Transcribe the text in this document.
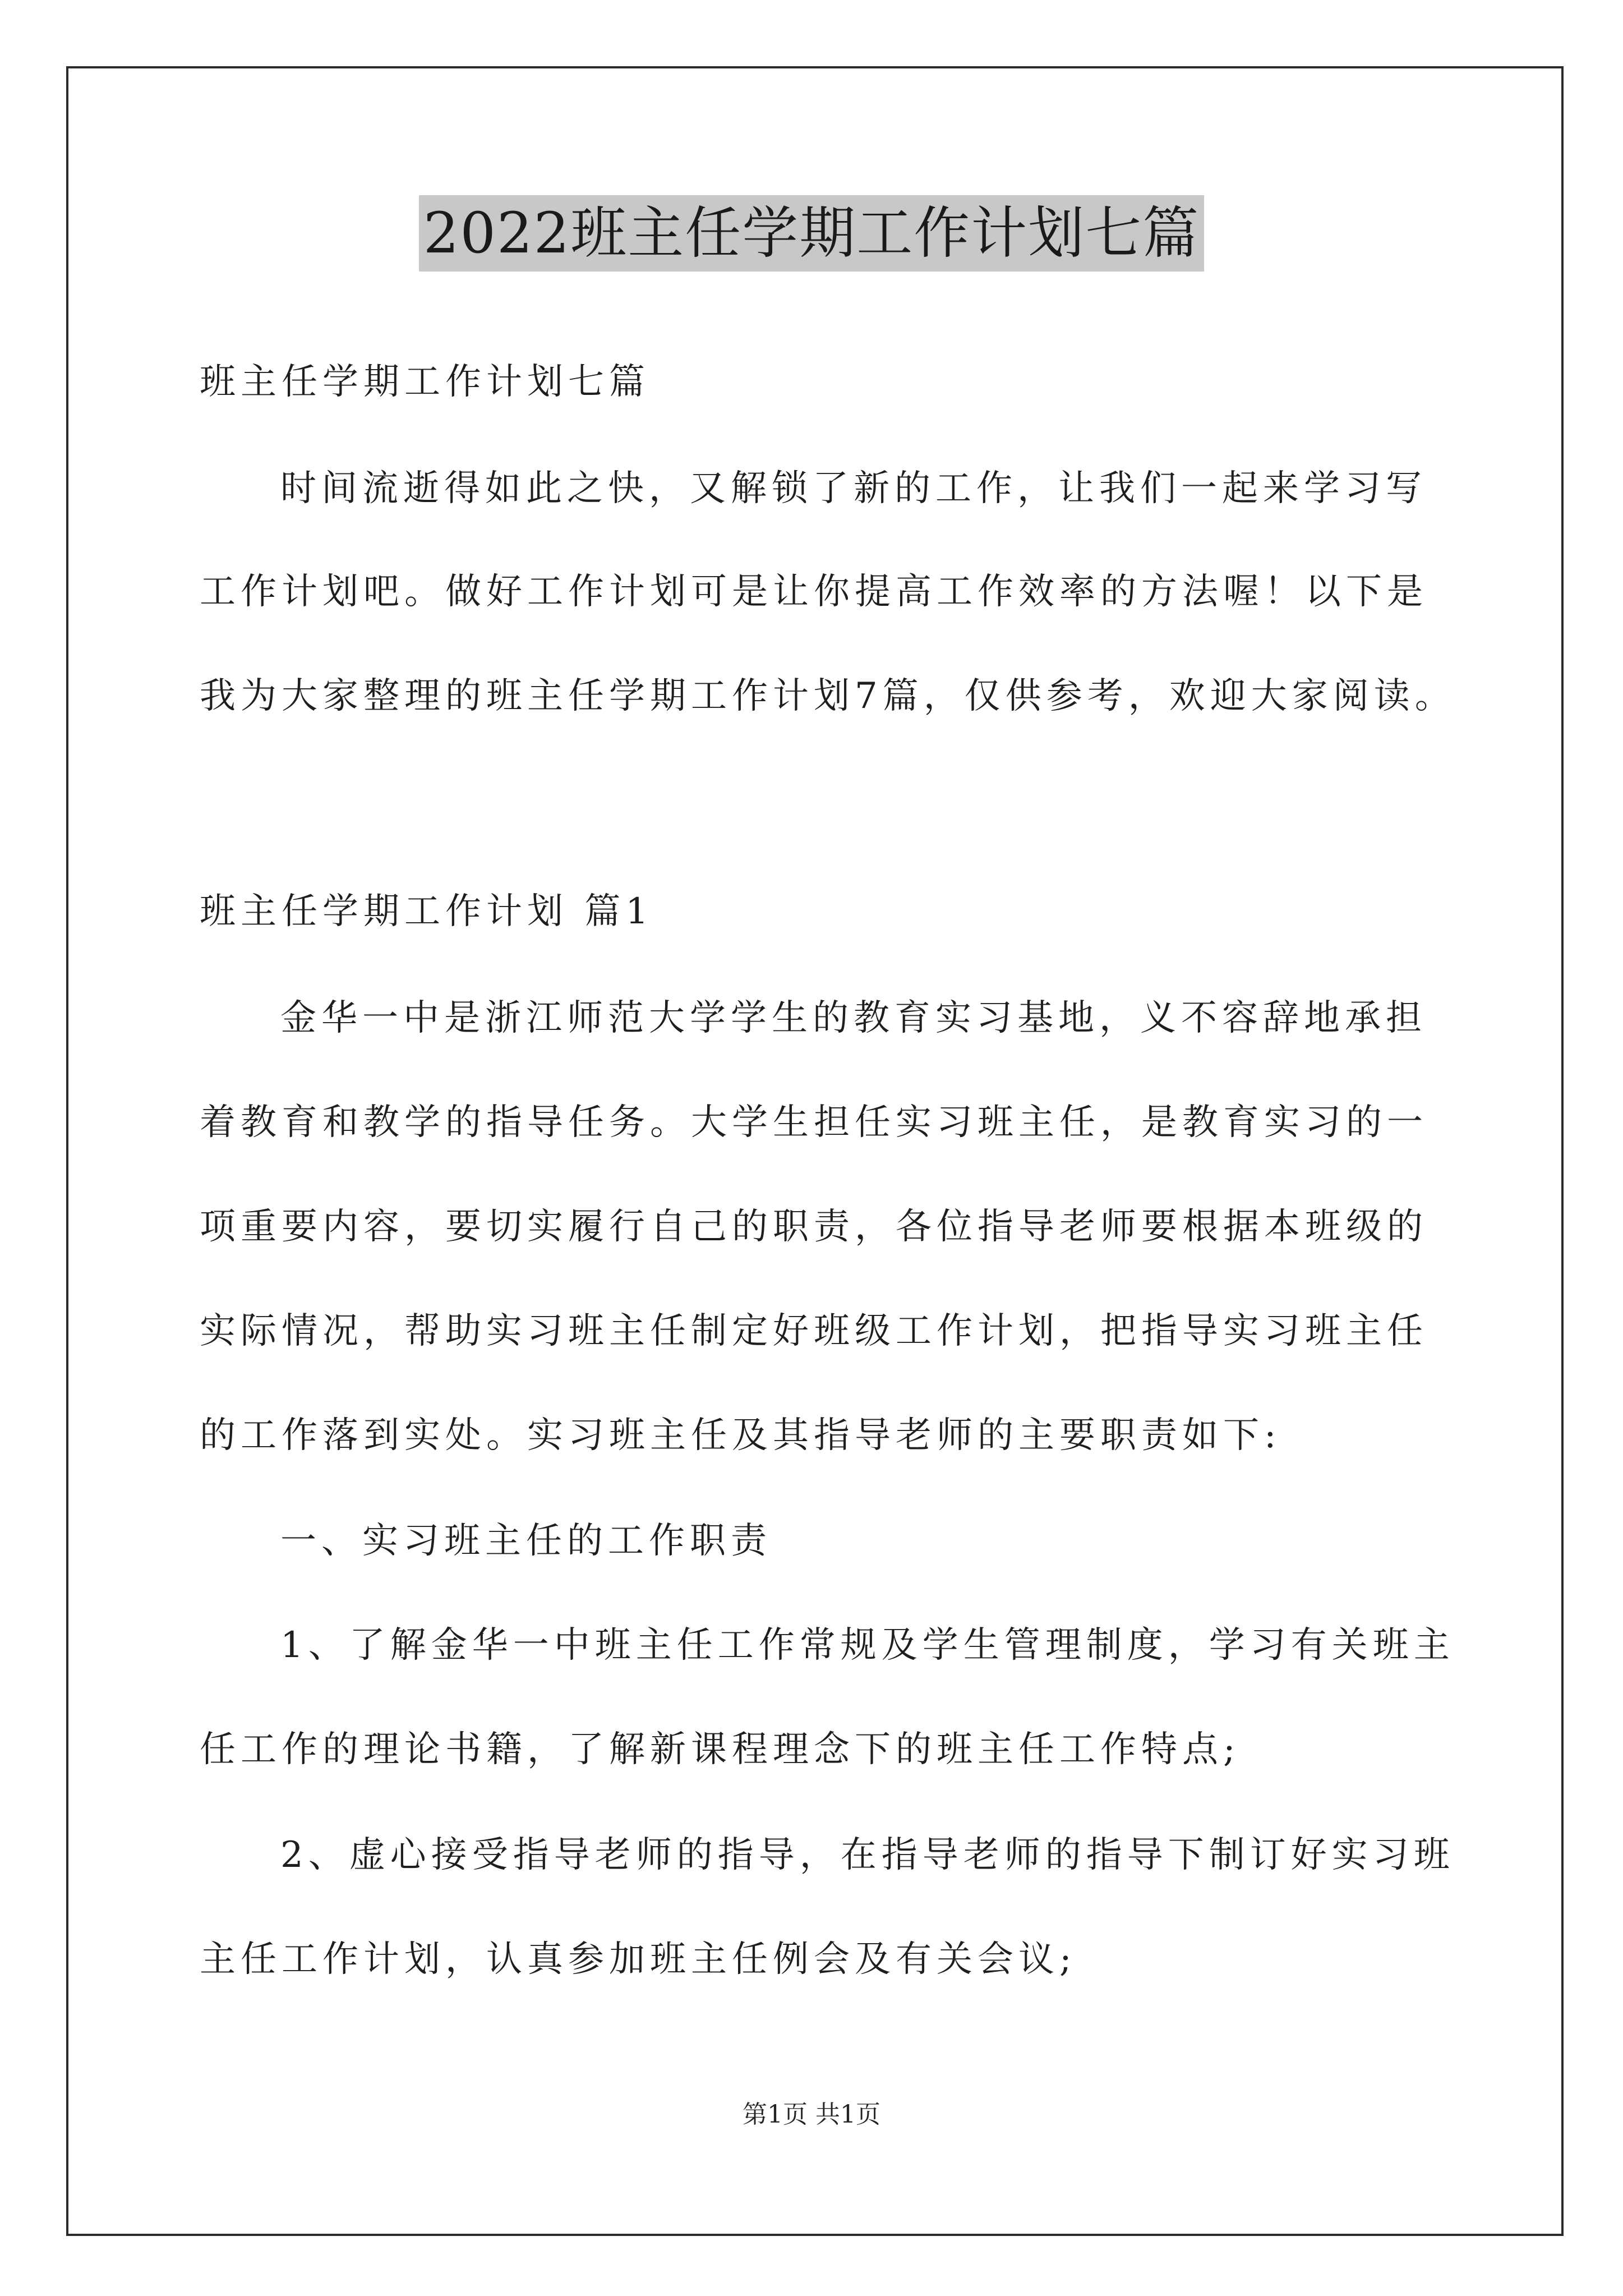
2022班主任学期工作计划七篇
班主任学期工作计划七篇
时间流逝得如此之快，又解锁了新的工作，让我们一起来学习写
工作计划吧。做好工作计划可是让你提高工作效率的方法喔！以下是
我为大家整理的班主任学期工作计划7篇，仅供参考，欢迎大家阅读。
班主任学期工作计划 篇1
金华一中是浙江师范大学学生的教育实习基地，义不容辞地承担
着教育和教学的指导任务。大学生担任实习班主任，是教育实习的一
项重要内容，要切实履行自己的职责，各位指导老师要根据本班级的
实际情况，帮助实习班主任制定好班级工作计划，把指导实习班主任
的工作落到实处。实习班主任及其指导老师的主要职责如下:
一、实习班主任的工作职责
1、了解金华一中班主任工作常规及学生管理制度，学习有关班主
任工作的理论书籍，了解新课程理念下的班主任工作特点;
2、虚心接受指导老师的指导，在指导老师的指导下制订好实习班
主任工作计划，认真参加班主任例会及有关会议;
第1页 共1页
